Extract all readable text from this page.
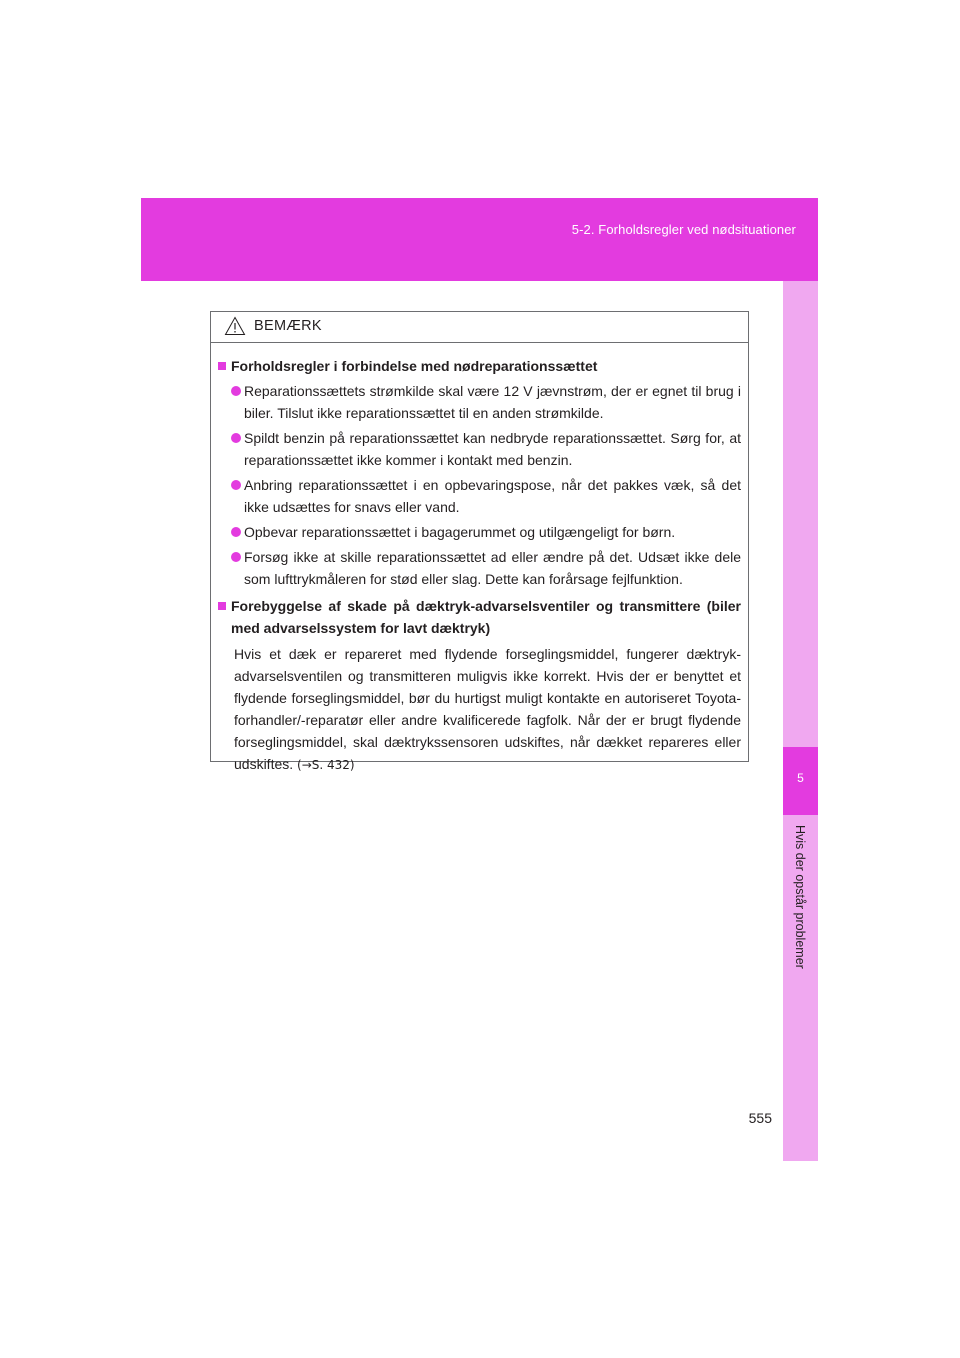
5-2. Forholdsregler ved nødsituationer
5
Hvis der opstår problemer
BEMÆRK
Forholdsregler i forbindelse med nødreparationssættet
Reparationssættets strømkilde skal være 12 V jævnstrøm, der er egnet til brug i biler. Tilslut ikke reparationssættet til en anden strømkilde.
Spildt benzin på reparationssættet kan nedbryde reparationssættet. Sørg for, at reparationssættet ikke kommer i kontakt med benzin.
Anbring reparationssættet i en opbevaringspose, når det pakkes væk, så det ikke udsættes for snavs eller vand.
Opbevar reparationssættet i bagagerummet og utilgængeligt for børn.
Forsøg ikke at skille reparationssættet ad eller ændre på det. Udsæt ikke dele som lufttrykmåleren for stød eller slag. Dette kan forårsage fejlfunktion.
Forebyggelse af skade på dæktryk-advarselsventiler og transmittere (biler med advarselssystem for lavt dæktryk)
Hvis et dæk er repareret med flydende forseglingsmiddel, fungerer dæktryk-advarselsventilen og transmitteren muligvis ikke korrekt. Hvis der er benyttet et flydende forseglingsmiddel, bør du hurtigst muligt kontakte en autoriseret Toyota-forhandler/-reparatør eller andre kvalificerede fagfolk. Når der er brugt flydende forseglingsmiddel, skal dæktrykssensoren udskiftes, når dækket repareres eller udskiftes. (→S. 432)
555
